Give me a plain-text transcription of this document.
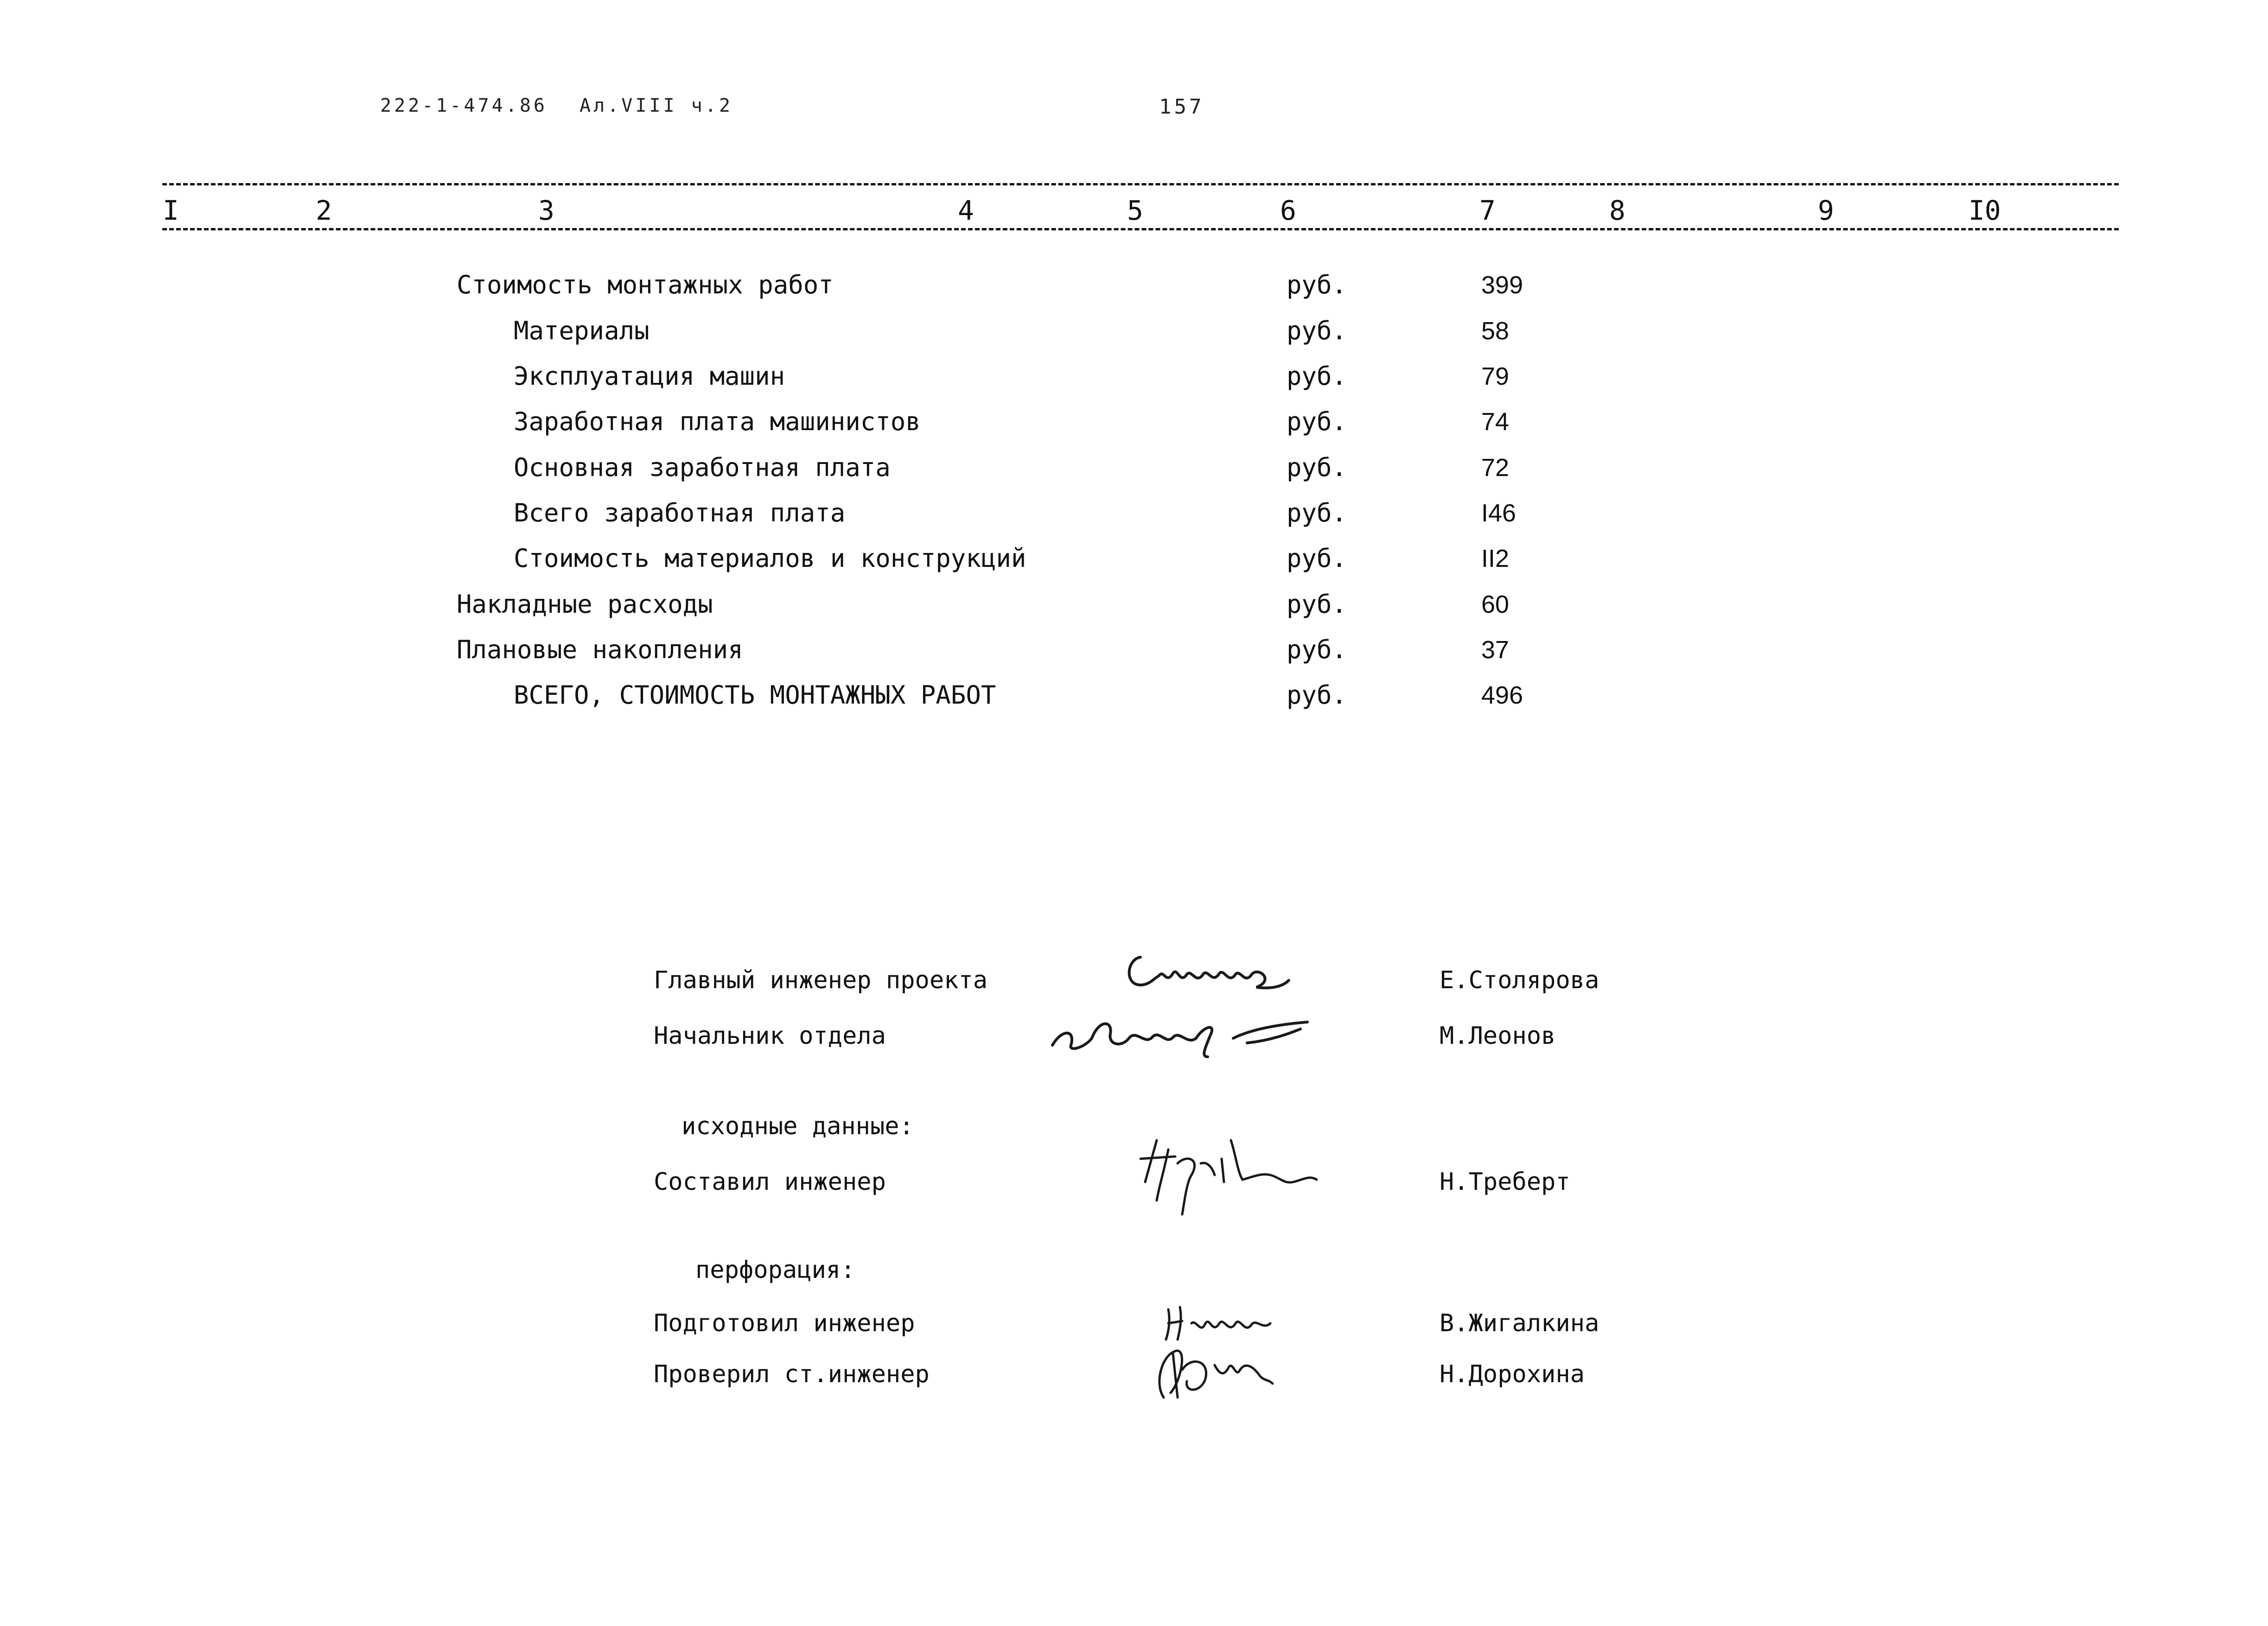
222-1-474.86 Ал.VIII ч.2	157
I	2	3	4	5	6	7	8	9	I0
Стоимость монтажных работ	руб.	399
Материалы	руб.	58
Эксплуатация машин	руб.	79
Заработная плата машинистов	руб.	74
Основная заработная плата	руб.	72
Всего заработная плата	руб.	I46
Стоимость материалов и конструкций	руб.	II2
Накладные расходы	руб.	60
Плановые накопления	руб.	37
ВСЕГО, СТОИМОСТЬ МОНТАЖНЫХ РАБОТ	руб.	496
Главный инженер проекта	Е.Столярова
Начальник отдела	М.Леонов
исходные данные:
Составил инженер	Н.Треберт
перфорация:
Подготовил инженер	В.Жигалкина
Проверил ст.инженер	Н.Дорохина
